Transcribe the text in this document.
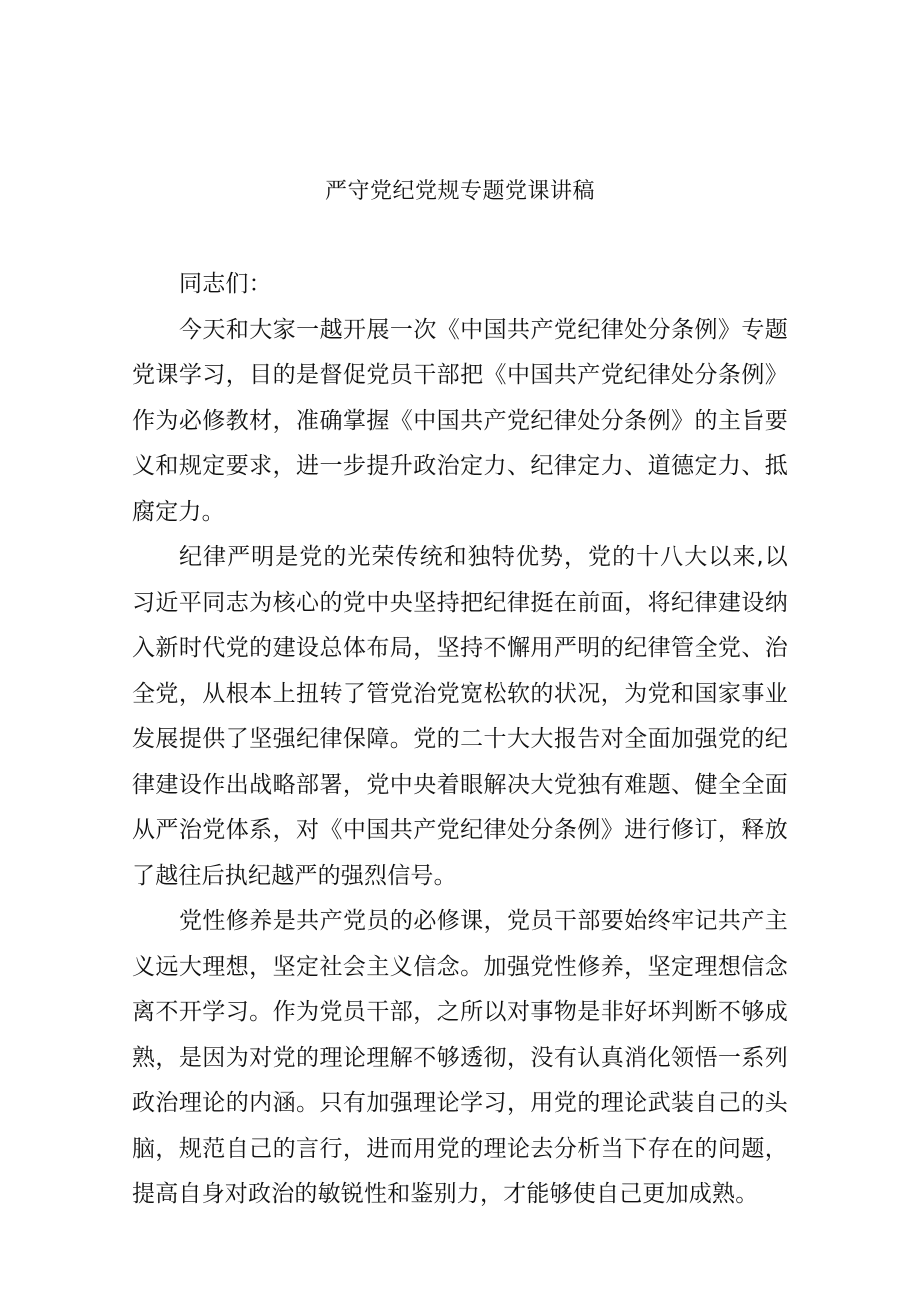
严守党纪党规专题党课讲稿

同志们：

今天和大家一越开展一次《中国共产党纪律处分条例》专题党课学习，目的是督促党员干部把《中国共产党纪律处分条例》作为必修教材，准确掌握《中国共产党纪律处分条例》的主旨要义和规定要求，进一步提升政治定力、纪律定力、道德定力、抵腐定力。

纪律严明是党的光荣传统和独特优势，党的十八大以来,以习近平同志为核心的党中央坚持把纪律挺在前面，将纪律建设纳入新时代党的建设总体布局，坚持不懈用严明的纪律管全党、治全党，从根本上扭转了管党治党宽松软的状况，为党和国家事业发展提供了坚强纪律保障。党的二十大大报告对全面加强党的纪律建设作出战略部署，党中央着眼解决大党独有难题、健全全面从严治党体系，对《中国共产党纪律处分条例》进行修订，释放了越往后执纪越严的强烈信号。

党性修养是共产党员的必修课，党员干部要始终牢记共产主义远大理想，坚定社会主义信念。加强党性修养，坚定理想信念离不开学习。作为党员干部，之所以对事物是非好坏判断不够成熟，是因为对党的理论理解不够透彻，没有认真消化领悟一系列政治理论的内涵。只有加强理论学习，用党的理论武装自己的头脑，规范自己的言行，进而用党的理论去分析当下存在的问题，提高自身对政治的敏锐性和鉴别力，才能够使自己更加成熟。
